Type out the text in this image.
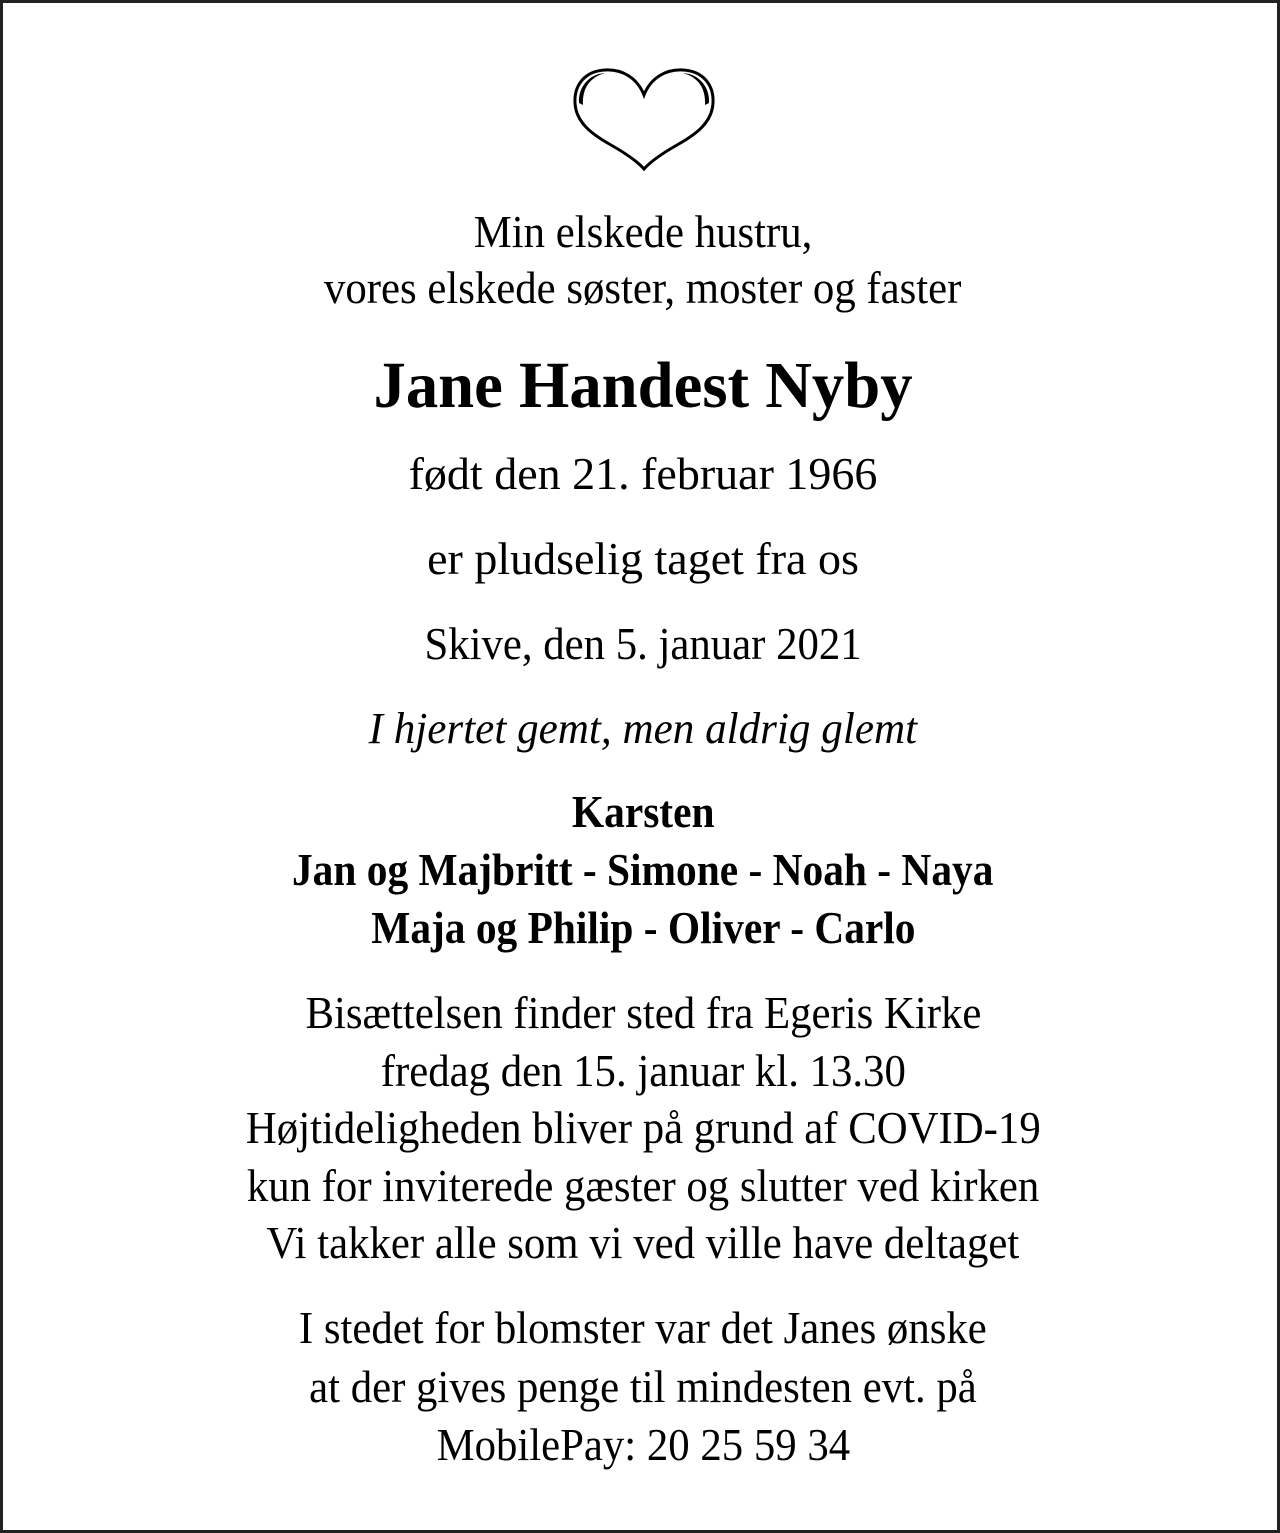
Min elskede hustru,
vores elskede søster, moster og faster
Jane Handest Nyby
født den 21. februar 1966
er pludselig taget fra os
Skive, den 5. januar 2021
I hjertet gemt, men aldrig glemt
Karsten
Jan og Majbritt - Simone - Noah - Naya
Maja og Philip - Oliver - Carlo
Bisættelsen finder sted fra Egeris Kirke
fredag den 15. januar kl. 13.30
Højtideligheden bliver på grund af COVID-19
kun for inviterede gæster og slutter ved kirken
Vi takker alle som vi ved ville have deltaget
I stedet for blomster var det Janes ønske
at der gives penge til mindesten evt. på
MobilePay: 20 25 59 34
